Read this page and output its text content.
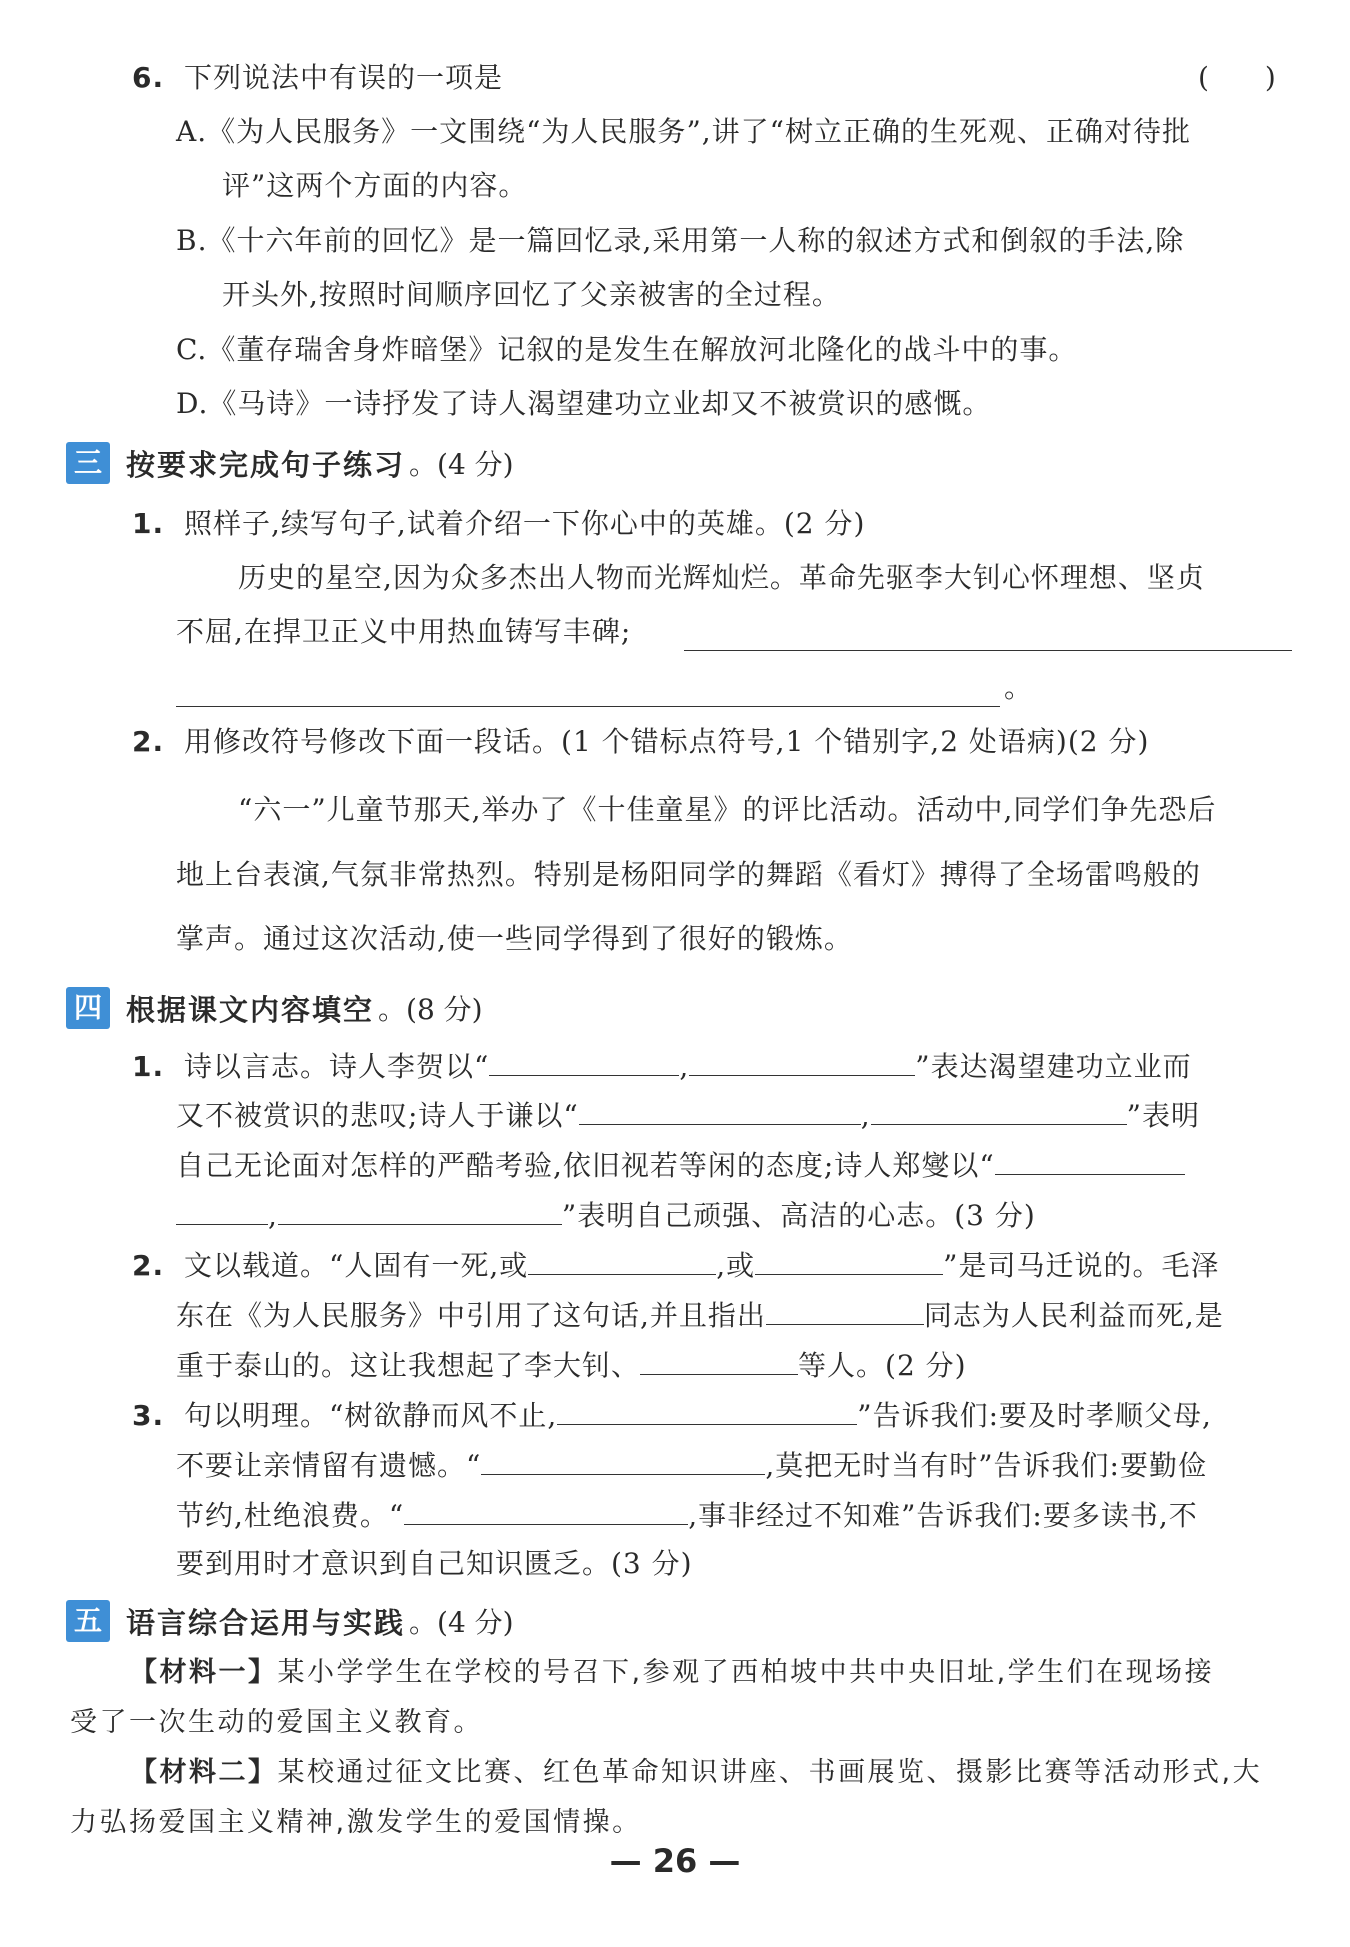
6. 下列说法中有误的一项是	(　　)
A.《为人民服务》一文围绕“为人民服务”,讲了“树立正确的生死观、正确对待批
评”这两个方面的内容。
B.《十六年前的回忆》是一篇回忆录,采用第一人称的叙述方式和倒叙的手法,除
开头外,按照时间顺序回忆了父亲被害的全过程。
C.《董存瑞舍身炸暗堡》记叙的是发生在解放河北隆化的战斗中的事。
D.《马诗》一诗抒发了诗人渴望建功立业却又不被赏识的感慨。
三 按要求完成句子练习 。(4 分)
1. 照样子,续写句子,试着介绍一下你心中的英雄。(2 分)
历史的星空,因为众多杰出人物而光辉灿烂。革命先驱李大钊心怀理想、坚贞
不屈,在捍卫正义中用热血铸写丰碑;
。
2. 用修改符号修改下面一段话。(1 个错标点符号,1 个错别字,2 处语病)(2 分)
“六一”儿童节那天,举办了《十佳童星》的评比活动。活动中,同学们争先恐后
地上台表演,气氛非常热烈。特别是杨阳同学的舞蹈《看灯》搏得了全场雷鸣般的
掌声。通过这次活动,使一些同学得到了很好的锻炼。
四 根据课文内容填空 。(8 分)
1. 诗以言志。诗人李贺以“	,	”表达渴望建功立业而
又不被赏识的悲叹;诗人于谦以“	,	”表明
自己无论面对怎样的严酷考验,依旧视若等闲的态度;诗人郑燮以“
,	”表明自己顽强、高洁的心志。(3 分)
2. 文以载道。“人固有一死,或	,或	”是司马迁说的。毛泽
东在《为人民服务》中引用了这句话,并且指出	同志为人民利益而死,是
重于泰山的。这让我想起了李大钊、	等人。(2 分)
3. 句以明理。“树欲静而风不止,	”告诉我们:要及时孝顺父母,
不要让亲情留有遗憾。“	,莫把无时当有时”告诉我们:要勤俭
节约,杜绝浪费。“	,事非经过不知难”告诉我们:要多读书,不
要到用时才意识到自己知识匮乏。(3 分)
五 语言综合运用与实践 。(4 分)
【材料一】某小学学生在学校的号召下,参观了西柏坡中共中央旧址,学生们在现场接
受了一次生动的爱国主义教育。
【材料二】某校通过征文比赛、红色革命知识讲座、书画展览、摄影比赛等活动形式,大
力弘扬爱国主义精神,激发学生的爱国情操。
— 26 —
